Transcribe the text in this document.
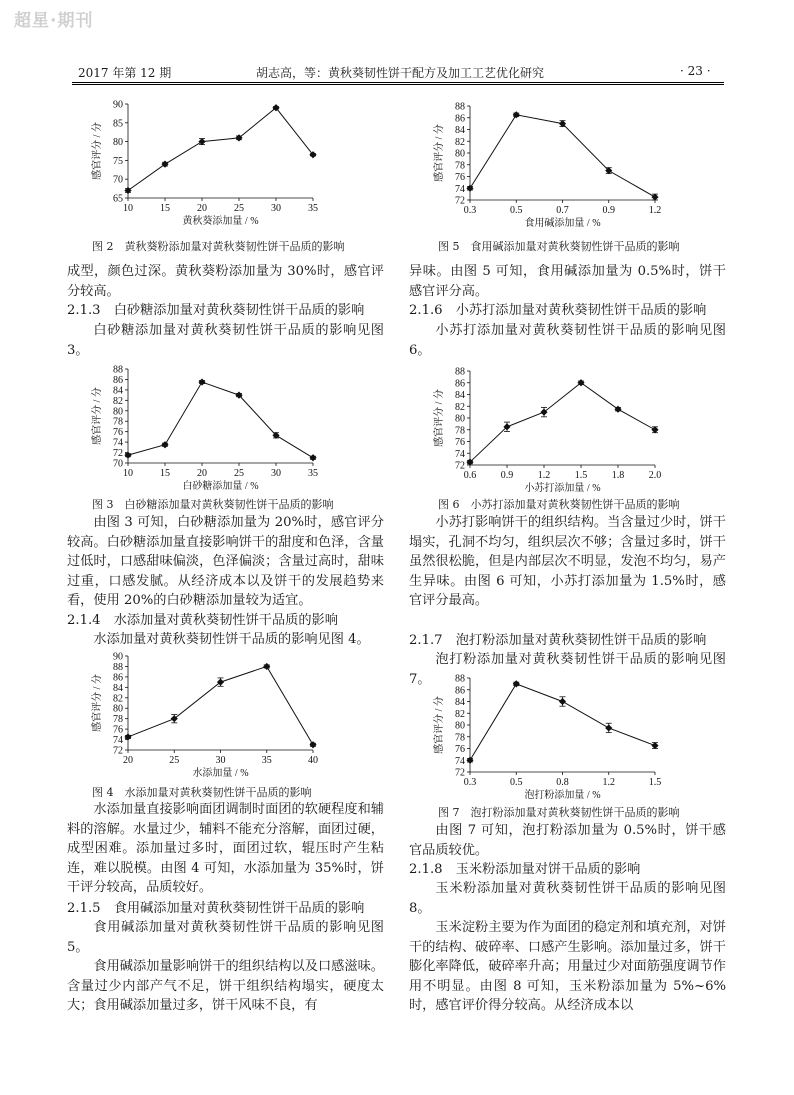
超星·期刊
2017 年第 12 期	胡志高，等：黄秋葵韧性饼干配方及加工工艺优化研究	· 23 ·
65
70
75
80
85
90
10	15	20	25	30	35
黄秋葵添加量 / %
感官评分 / 分
图 2　黄秋葵粉添加量对黄秋葵韧性饼干品质的影响
72
74
76
78
80
82
84
86
88
0.3	0.5	0.7	0.9	1.2
食用碱添加量 / %
感官评分 / 分
图 5　食用碱添加量对黄秋葵韧性饼干品质的影响
70
72
74
76
78
80
82
84
86
88
10	15	20	25	30	35
白砂糖添加量 / %
感官评分 / 分
图 3　白砂糖添加量对黄秋葵韧性饼干品质的影响
72
74
76
78
80
82
84
86
88
0.6 0.9 1.2 1.5 1.8 2.0
小苏打添加量 / %
感官评分 / 分
图 6　小苏打添加量对黄秋葵韧性饼干品质的影响
72
74
76
78
80
82
84
86
88
90
20	25	30	35	40
水添加量 / %
感官评分 / 分
图 4　水添加量对黄秋葵韧性饼干品质的影响
72
74
76
78
80
82
84
86
88
0.3	0.5	0.8	1.2	1.5
泡打粉添加量 / %
感官评分 / 分
图 7　泡打粉添加量对黄秋葵韧性饼干品质的影响

成型，颜色过深。黄秋葵粉添加量为 30%时，感官评分较高。

2.1.3　白砂糖添加量对黄秋葵韧性饼干品质的影响

白砂糖添加量对黄秋葵韧性饼干品质的影响见图 3。

由图 3 可知，白砂糖添加量为 20%时，感官评分较高。白砂糖添加量直接影响饼干的甜度和色泽，含量过低时，口感甜味偏淡，色泽偏淡；含量过高时，甜味过重，口感发腻。从经济成本以及饼干的发展趋势来看，使用 20%的白砂糖添加量较为适宜。

2.1.4　水添加量对黄秋葵韧性饼干品质的影响

水添加量对黄秋葵韧性饼干品质的影响见图 4。

水添加量直接影响面团调制时面团的软硬程度和辅料的溶解。水量过少，辅料不能充分溶解，面团过硬，成型困难。添加量过多时，面团过软，辊压时产生粘连，难以脱模。由图 4 可知，水添加量为 35%时，饼干评分较高，品质较好。

2.1.5　食用碱添加量对黄秋葵韧性饼干品质的影响

食用碱添加量对黄秋葵韧性饼干品质的影响见图 5。

食用碱添加量影响饼干的组织结构以及口感滋味。含量过少内部产气不足，饼干组织结构塌实，硬度太大；食用碱添加量过多，饼干风味不良，有

异味。由图 5 可知，食用碱添加量为 0.5%时，饼干感官评分高。

2.1.6　小苏打添加量对黄秋葵韧性饼干品质的影响

小苏打添加量对黄秋葵韧性饼干品质的影响见图 6。

小苏打影响饼干的组织结构。当含量过少时，饼干塌实，孔洞不均匀，组织层次不够；含量过多时，饼干虽然很松脆，但是内部层次不明显，发泡不均匀，易产生异味。由图 6 可知，小苏打添加量为 1.5%时，感官评分最高。

2.1.7　泡打粉添加量对黄秋葵韧性饼干品质的影响

泡打粉添加量对黄秋葵韧性饼干品质的影响见图 7。

由图 7 可知，泡打粉添加量为 0.5%时，饼干感官品质较优。

2.1.8　玉米粉添加量对饼干品质的影响

玉米粉添加量对黄秋葵韧性饼干品质的影响见图 8。

玉米淀粉主要为作为面团的稳定剂和填充剂，对饼干的结构、破碎率、口感产生影响。添加量过多，饼干膨化率降低，破碎率升高；用量过少对面筋强度调节作用不明显。由图 8 可知，玉米粉添加量为 5%~6%时，感官评价得分较高。从经济成本以
